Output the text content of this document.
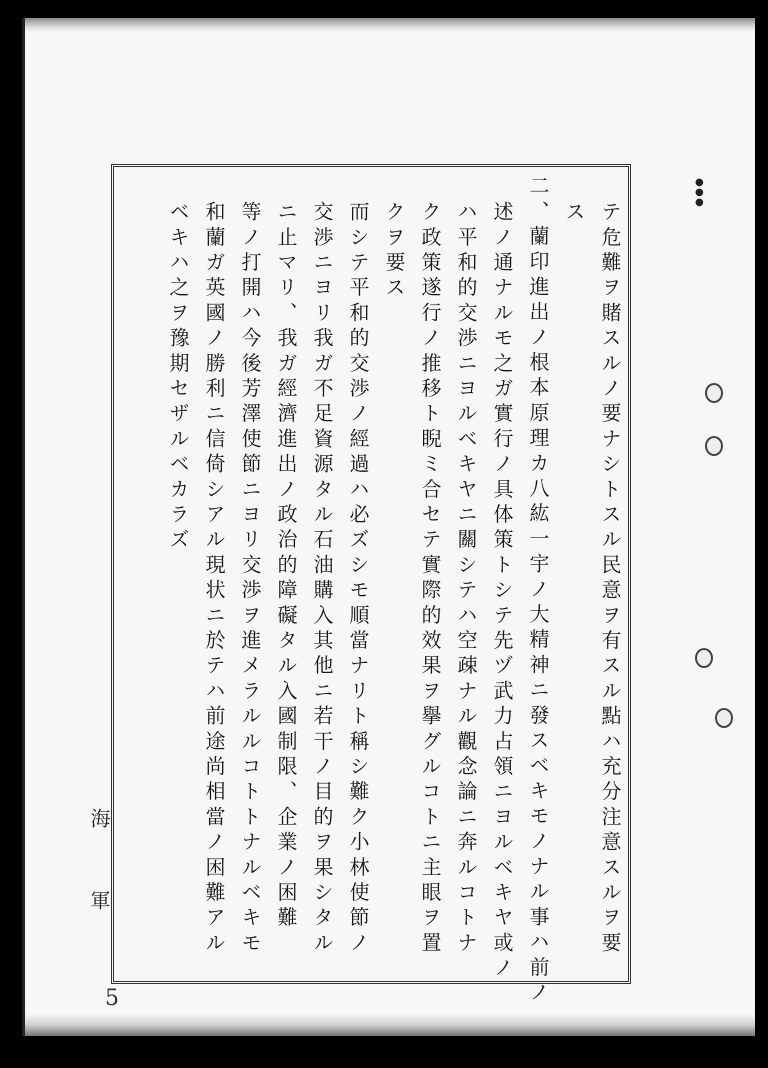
●
●
●
テ危難ヲ賭スルノ要ナシトスル民意ヲ有スル點ハ充分注意スルヲ要
ス
二、蘭印進出ノ根本原理カ八紘一宇ノ大精神ニ發スベキモノナル事ハ前ノ
述ノ通ナルモ之ガ實行ノ具体策トシテ先ヅ武力占領ニヨルベキヤ或ノ
ハ平和的交渉ニヨルベキヤニ關シテハ空疎ナル觀念論ニ奔ルコトナ
ク政策遂行ノ推移ト睨ミ合セテ實際的效果ヲ擧グルコトニ主眼ヲ置
クヲ要ス
而シテ平和的交渉ノ經過ハ必ズシモ順當ナリト稱シ難ク小林使節ノ
交渉ニヨリ我ガ不足資源タル石油購入其他ニ若干ノ目的ヲ果シタル
ニ止マリ、我ガ經濟進出ノ政治的障礙タル入國制限、企業ノ困難
等ノ打開ハ今後芳澤使節ニヨリ交渉ヲ進メラルルコトトナルベキモ
和蘭ガ英國ノ勝利ニ信倚シアル現状ニ於テハ前途尚相當ノ困難アル
ベキハ之ヲ豫期セザルベカラズ
海軍
5
